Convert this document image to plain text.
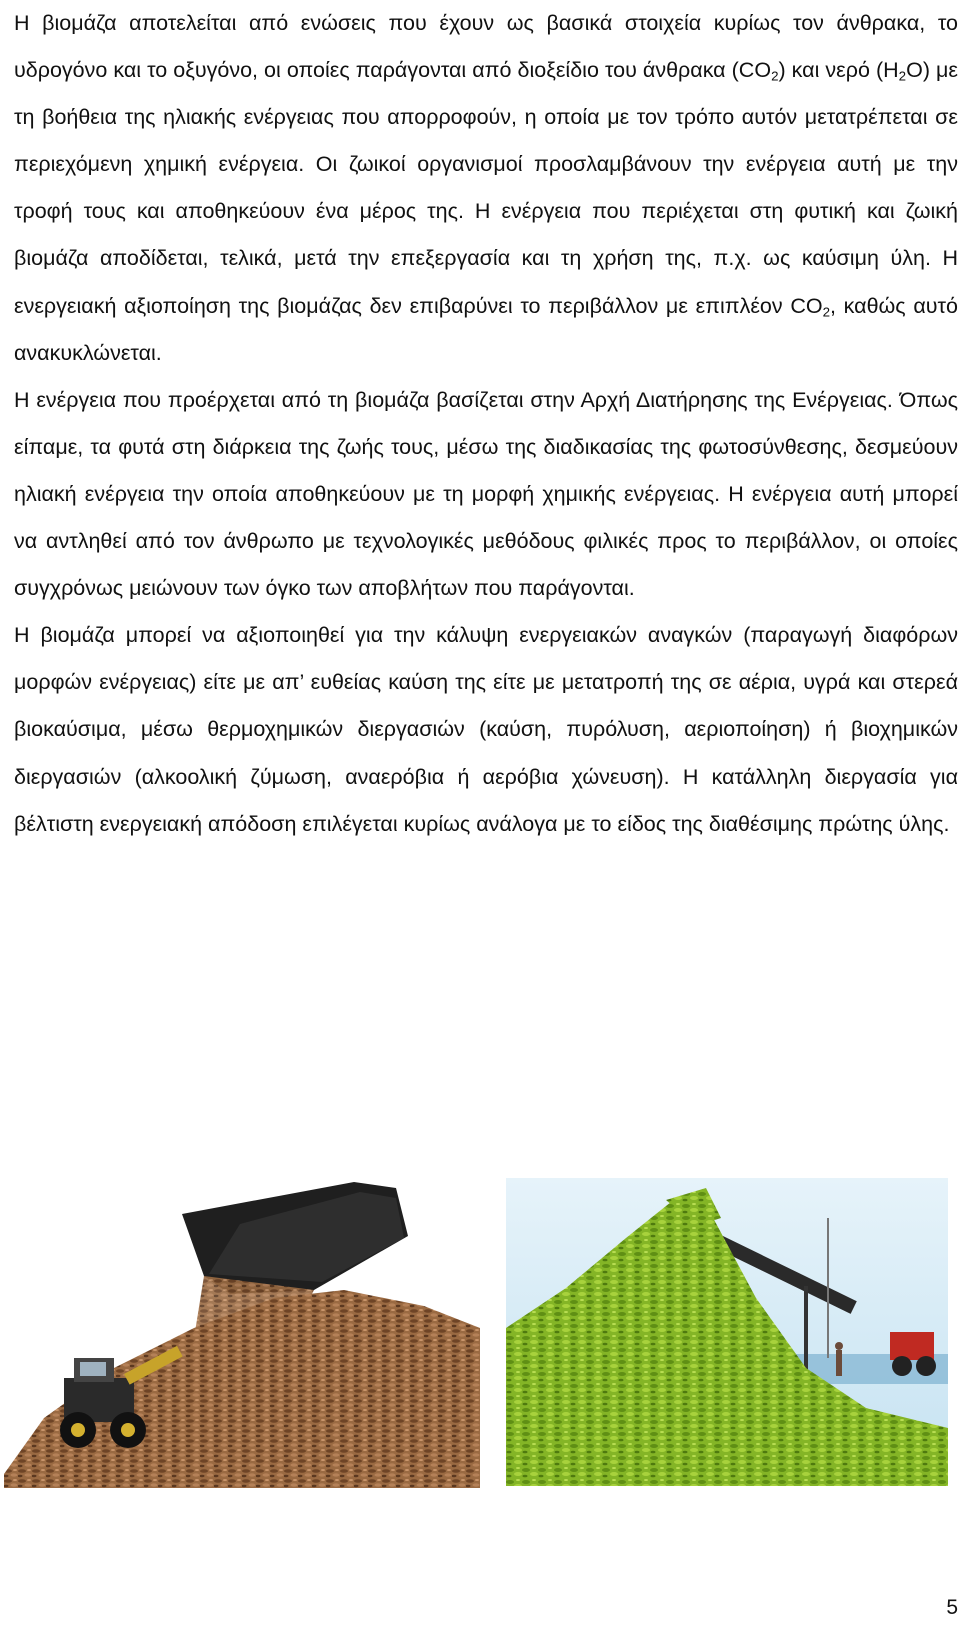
Η βιομάζα αποτελείται από ενώσεις που έχουν ως βασικά στοιχεία κυρίως τον άνθρακα, το υδρογόνο και το οξυγόνο, οι οποίες παράγονται από διοξείδιο του άνθρακα $(CO_2)$ και νερό $(H_2O)$ με τη βοήθεια της ηλιακής ενέργειας που απορροφούν, η οποία με τον τρόπο αυτόν μετατρέπεται σε περιεχόμενη χημική ενέργεια. Οι ζωικοί οργανισμοί προσλαμβάνουν την ενέργεια αυτή με την τροφή τους και αποθηκεύουν ένα μέρος της. Η ενέργεια που περιέχεται στη φυτική και ζωική βιομάζα αποδίδεται, τελικά, μετά την επεξεργασία και τη χρήση της, π.χ. ως καύσιμη ύλη. Η ενεργειακή αξιοποίηση της βιομάζας δεν επιβαρύνει το περιβάλλον με επιπλέον $CO_2$, καθώς αυτό ανακυκλώνεται.

Η ενέργεια που προέρχεται από τη βιομάζα βασίζεται στην Αρχή Διατήρησης της Ενέργειας. Όπως είπαμε, τα φυτά στη διάρκεια της ζωής τους, μέσω της διαδικασίας της φωτοσύνθεσης, δεσμεύουν ηλιακή ενέργεια την οποία αποθηκεύουν με τη μορφή χημικής ενέργειας. Η ενέργεια αυτή μπορεί να αντληθεί από τον άνθρωπο με τεχνολογικές μεθόδους φιλικές προς το περιβάλλον, οι οποίες συγχρόνως μειώνουν των όγκο των αποβλήτων που παράγονται.

Η βιομάζα μπορεί να αξιοποιηθεί για την κάλυψη ενεργειακών αναγκών (παραγωγή διαφόρων μορφών ενέργειας) είτε με απ’ ευθείας καύση της είτε με μετατροπή της σε αέρια, υγρά και στερεά βιοκαύσιμα, μέσω θερμοχημικών διεργασιών (καύση, πυρόλυση, αεριοποίηση) ή βιοχημικών διεργασιών (αλκοολική ζύμωση, αναερόβια ή αερόβια χώνευση). Η κατάλληλη διεργασία για βέλτιστη ενεργειακή απόδοση επιλέγεται κυρίως ανάλογα με το είδος της διαθέσιμης πρώτης ύλης.

5
